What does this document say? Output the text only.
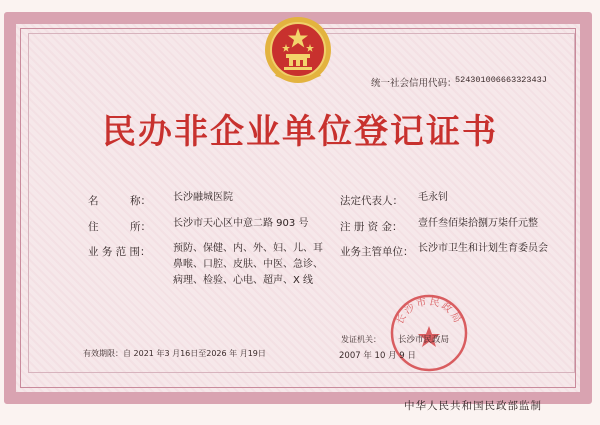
统一社会信用代码：
52430100666332343J
民办非企业单位登记证书
名　　　称： 长沙融城医院
住　　　所： 长沙市天心区中意二路 903 号
业 务 范 围： 预防、保健、内、外、妇、儿、耳鼻喉、口腔、皮肤、中医、急诊、病理、检验、心电、超声、X 线
法定代表人： 毛永钊
注 册 资 金： 壹仟叁佰柒拾捌万柒仟元整
业务主管单位： 长沙市卫生和计划生育委员会
长沙市民政局
发证机关： 长沙市民政局
2007 年 10 月 9 日
有效期限：自 2021 年3 月16日至2026 年 月19日
中华人民共和国民政部监制
